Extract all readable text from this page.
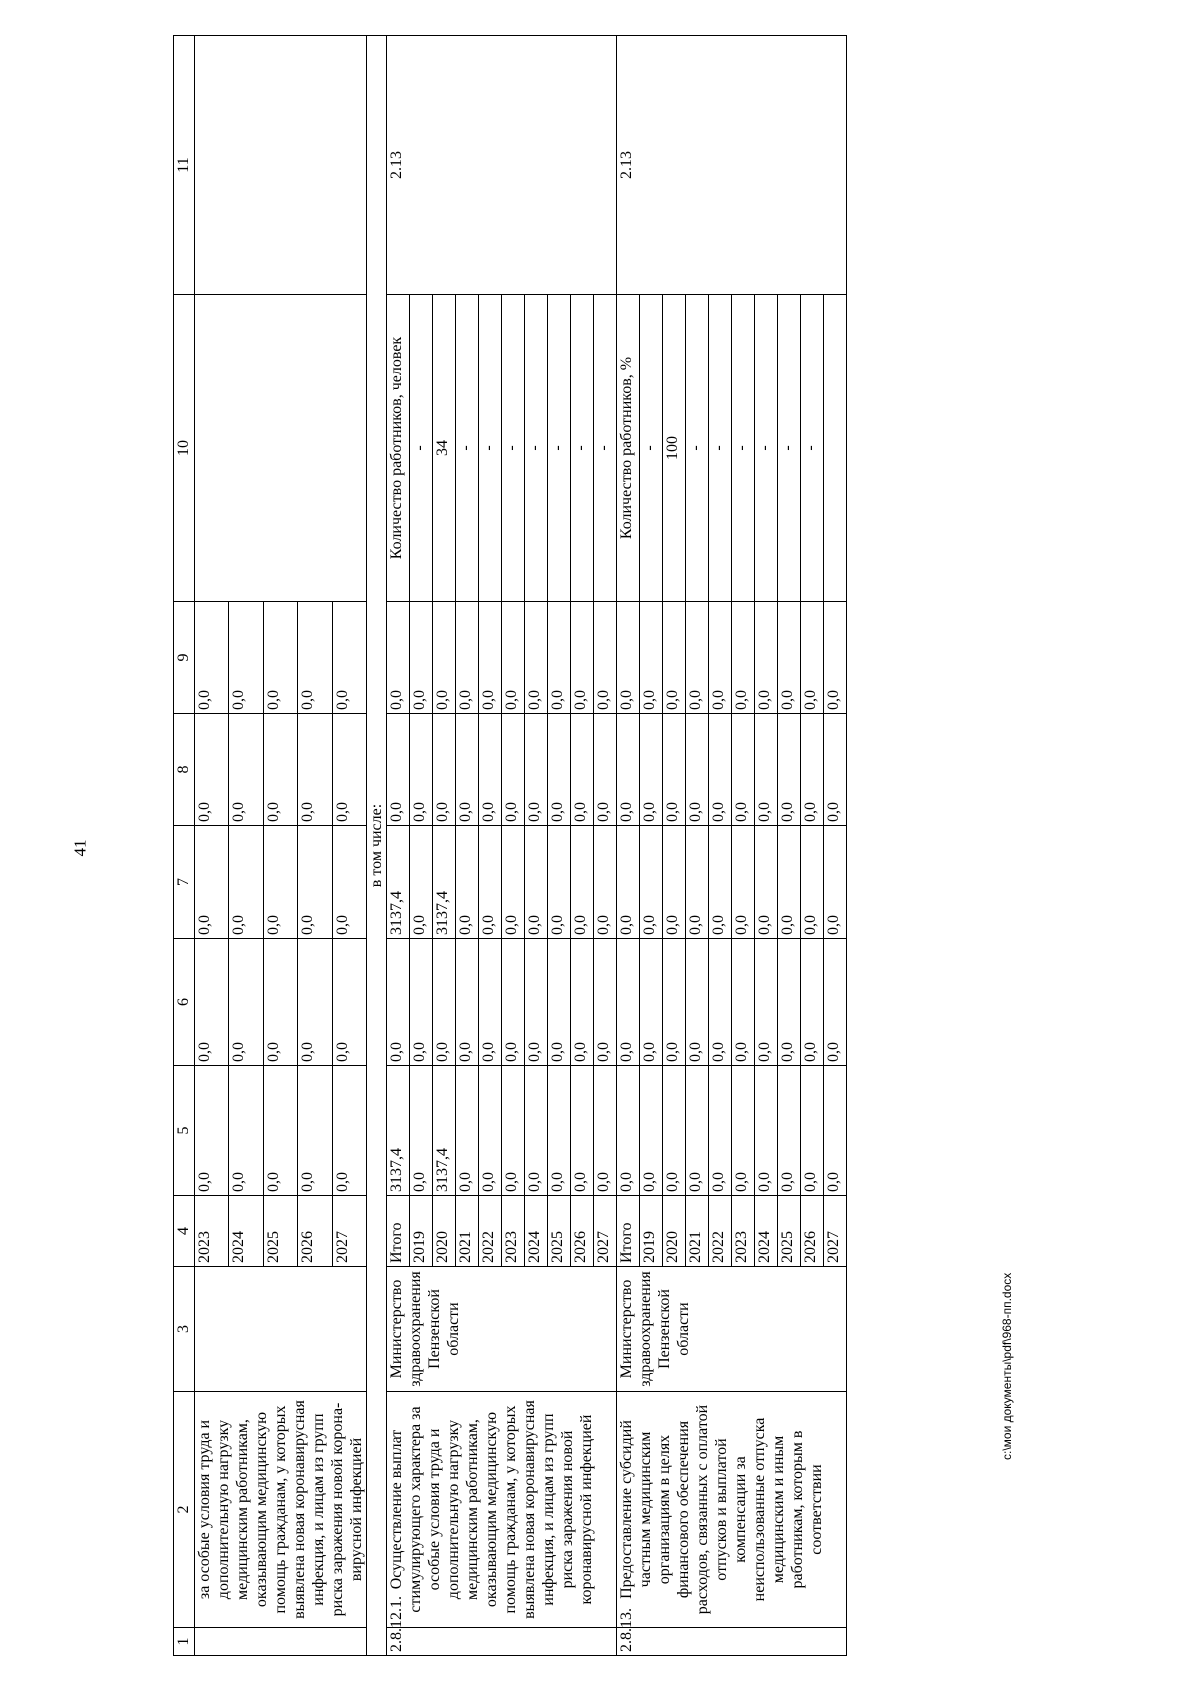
41
1	2	3	4	5	6	7	8	9	10	11
	за особые условия труда и дополнительную нагрузку медицинским работникам, оказывающим медицинскую помощь гражданам, у которых выявлена новая коронавирусная инфекция, и лицам из групп риска заражения новой корона-вирусной инфекцией		2023	0,0	0,0	0,0	0,0	0,0		
			2024	0,0	0,0	0,0	0,0	0,0		
			2025	0,0	0,0	0,0	0,0	0,0		
			2026	0,0	0,0	0,0	0,0	0,0		
			2027	0,0	0,0	0,0	0,0	0,0		
в том числе:										
2.8.12.1.	Осуществление выплат стимулирующего характера за особые условия труда и дополнительную нагрузку медицинским работникам, оказывающим медицинскую помощь гражданам, у которых выявлена новая коронавирусная инфекция, и лицам из групп риска заражения новой коронавирусной инфекцией	Министерство здравоохранения Пензенской области	Итого	3137,4	0,0	3137,4	0,0	0,0	Количество работников, человек	2.13
			2019	0,0	0,0	0,0	0,0	0,0	-	
			2020	3137,4	0,0	3137,4	0,0	0,0	34	
			2021	0,0	0,0	0,0	0,0	0,0	-	
			2022	0,0	0,0	0,0	0,0	0,0	-	
			2023	0,0	0,0	0,0	0,0	0,0	-	
			2024	0,0	0,0	0,0	0,0	0,0	-	
			2025	0,0	0,0	0,0	0,0	0,0	-	
			2026	0,0	0,0	0,0	0,0	0,0	-	
			2027	0,0	0,0	0,0	0,0	0,0	-	
2.8.13.	Предоставление субсидий частным медицинским организациям в целях финансового обеспечения расходов, связанных с оплатой отпусков и выплатой компенсации за неиспользованные отпуска медицинским и иным работникам, которым в соответствии	Министерство здравоохранения Пензенской области	Итого	0,0	0,0	0,0	0,0	0,0	Количество работников, %	2.13
			2019	0,0	0,0	0,0	0,0	0,0	-	
			2020	0,0	0,0	0,0	0,0	0,0	100	
			2021	0,0	0,0	0,0	0,0	0,0	-	
			2022	0,0	0,0	0,0	0,0	0,0	-	
			2023	0,0	0,0	0,0	0,0	0,0	-	
			2024	0,0	0,0	0,0	0,0	0,0	-	
			2025	0,0	0,0	0,0	0,0	0,0	-	
			2026	0,0	0,0	0,0	0,0	0,0	-	
			2027	0,0	0,0	0,0	0,0	0,0		
c:\мои документы\pdf\968-пп.docx
